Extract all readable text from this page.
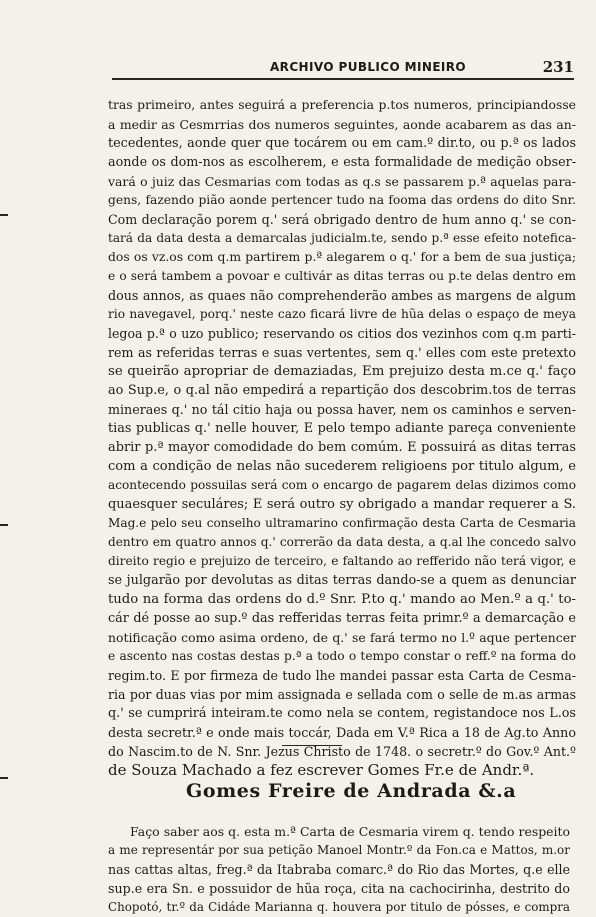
ARCHIVO PUBLICO MINEIRO	231
tras primeiro, antes seguirá a preferencia p.tos numeros, principiandosse
a medir as Cesmrrias dos numeros seguintes, aonde acabarem as das an-
tecedentes, aonde quer que tocárem ou em cam.º dir.to, ou p.ª os lados
aonde os dom-nos as escolherem, e esta formalidade de medição obser-
vará o juiz das Cesmarias com todas as q.s se passarem p.ª aquelas para-
gens, fazendo pião aonde pertencer tudo na fooma das ordens do dito Snr.
Com declaração porem q.' será obrigado dentro de hum anno q.' se con-
tará da data desta a demarcalas judicialm.te, sendo p.ª esse efeito notefica-
dos os vz.os com q.m partirem p.ª alegarem o q.' for a bem de sua justiça;
e o será tambem a povoar e cultivár as ditas terras ou p.te delas dentro em
dous annos, as quaes não comprehenderão ambes as margens de algum
rio navegavel, porq.' neste cazo ficará livre de hũa delas o espaço de meya
legoa p.ª o uzo publico; reservando os citios dos vezinhos com q.m parti-
rem as referidas terras e suas vertentes, sem q.' elles com este pretexto
se queirão apropriar de demaziadas, Em prejuizo desta m.ce q.' faço
ao Sup.e, o q.al não empedirá a repartição dos descobrim.tos de terras
mineraes q.' no tál citio haja ou possa haver, nem os caminhos e serven-
tias publicas q.' nelle houver, E pelo tempo adiante pareça conveniente
abrir p.ª mayor comodidade do bem comúm. E possuirá as ditas terras
com a condição de nelas não sucederem religioens por titulo algum, e
acontecendo possuilas será com o encargo de pagarem delas dizimos como
quaesquer seculáres; E será outro sy obrigado a mandar requerer a S.
Mag.e pelo seu conselho ultramarino confirmação desta Carta de Cesmaria
dentro em quatro annos q.' correrão da data desta, a q.al lhe concedo salvo
direito regio e prejuizo de terceiro, e faltando ao refferido não terá vigor, e
se julgarão por devolutas as ditas terras dando-se a quem as denunciar
tudo na forma das ordens do d.º Snr. P.to q.' mando ao Men.º a q.' to-
cár dé posse ao sup.º das refferidas terras feita primr.º a demarcação e
notificação como asima ordeno, de q.' se fará termo no l.º aque pertencer
e ascento nas costas destas p.ª a todo o tempo constar o reff.º na forma do
regim.to. E por firmeza de tudo lhe mandei passar esta Carta de Cesma-
ria por duas vias por mim assignada e sellada com o selle de m.as armas
q.' se cumprirá inteiram.te como nela se contem, registandoce nos L.os
desta secretr.ª e onde mais toccár, Dada em V.ª Rica a 18 de Ag.to Anno
do Nascim.to de N. Snr. Jezus Christo de 1748. o secretr.º do Gov.º Ant.º
de Souza Machado a fez escrever Gomes Fr.e de Andr.ª.
Gomes Freire de Andrada &.a
Faço saber aos q. esta m.ª Carta de Cesmaria virem q. tendo respeito
a me representár por sua petição Manoel Montr.º da Fon.ca e Mattos, m.or
nas cattas altas, freg.ª da Itabraba comarc.ª do Rio das Mortes, q.e elle
sup.e era Sn. e possuidor de hũa roça, cita na cachocirinha, destrito do
Chopotó, tr.º da Cidáde Marianna q. houvera por titulo de pósses, e compra
